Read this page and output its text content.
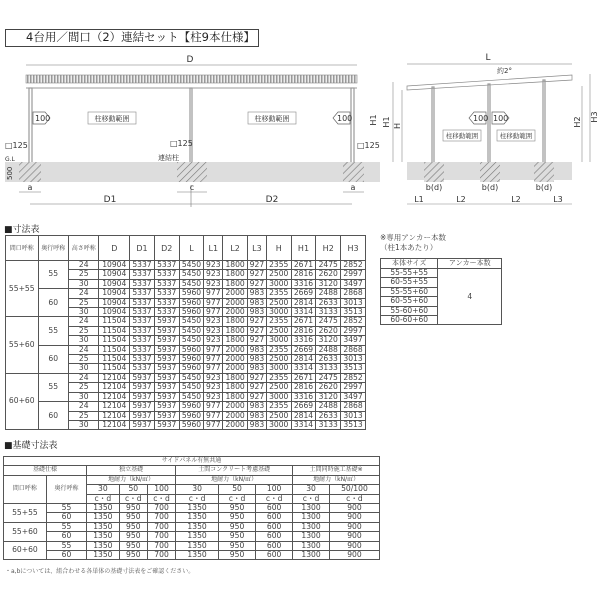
4台用／間口（2）連結セット【柱9本仕様】
D
100	100
柱移動範囲	柱移動範囲
□125	□125	□125
連結柱
G.L
500
H1
a	c	a
D1	D2
L
約2°
100 100
柱移動範囲	柱移動範囲
H1 H	H2 H3
b(d)	b(d)	b(d)
L1	L2	L2	L3
■寸法表
間口呼称	奥行呼称	高さ呼称	D	D1	D2	L	L1	L2	L3	H	H1	H2	H3
55+55	55	24	10904	5337	5337	5450	923	1800	927	2355	2671	2475	2852
		25	10904	5337	5337	5450	923	1800	927	2500	2816	2620	2997
		30	10904	5337	5337	5450	923	1800	927	3000	3316	3120	3497
	60	24	10904	5337	5337	5960	977	2000	983	2355	2669	2488	2868
		25	10904	5337	5337	5960	977	2000	983	2500	2814	2633	3013
		30	10904	5337	5337	5960	977	2000	983	3000	3314	3133	3513
55+60	55	24	11504	5337	5937	5450	923	1800	927	2355	2671	2475	2852
		25	11504	5337	5937	5450	923	1800	927	2500	2816	2620	2997
		30	11504	5337	5937	5450	923	1800	927	3000	3316	3120	3497
	60	24	11504	5337	5937	5960	977	2000	983	2355	2669	2488	2868
		25	11504	5337	5937	5960	977	2000	983	2500	2814	2633	3013
		30	11504	5337	5937	5960	977	2000	983	3000	3314	3133	3513
60+60	55	24	12104	5937	5937	5450	923	1800	927	2355	2671	2475	2852
		25	12104	5937	5937	5450	923	1800	927	2500	2816	2620	2997
		30	12104	5937	5937	5450	923	1800	927	3000	3316	3120	3497
	60	24	12104	5937	5937	5960	977	2000	983	2355	2669	2488	2868
		25	12104	5937	5937	5960	977	2000	983	2500	2814	2633	3013
		30	12104	5937	5937	5960	977	2000	983	3000	3314	3133	3513
※専用アンカー本数
（柱1本あたり）
本体サイズ	アンカー本数
55-55+55	4
60-55+55	
55-55+60	
60-55+60	
55-60+60	
60-60+60	
■基礎寸法表
サイドパネル有無共通									
基礎仕様		独立基礎			土間コンクリート考慮基礎			土間同時施工基礎※	
間口呼称	奥行呼称	地耐力（kN/㎡）			地耐力（kN/㎡）			地耐力（kN/㎡）	
		30	50	100	30	50	100	30	50/100
		c・d	c・d	c・d	c・d	c・d	c・d	c・d	c・d
55+55	55	1350	950	700	1350	950	600	1300	900
	60	1350	950	700	1350	950	600	1300	900
55+60	55	1350	950	700	1350	950	600	1300	900
	60	1350	950	700	1350	950	600	1300	900
60+60	55	1350	950	700	1350	950	600	1300	900
	60	1350	950	700	1350	950	600	1300	900
・a,bについては、組合わせる各単体の基礎寸法表をご確認ください。
